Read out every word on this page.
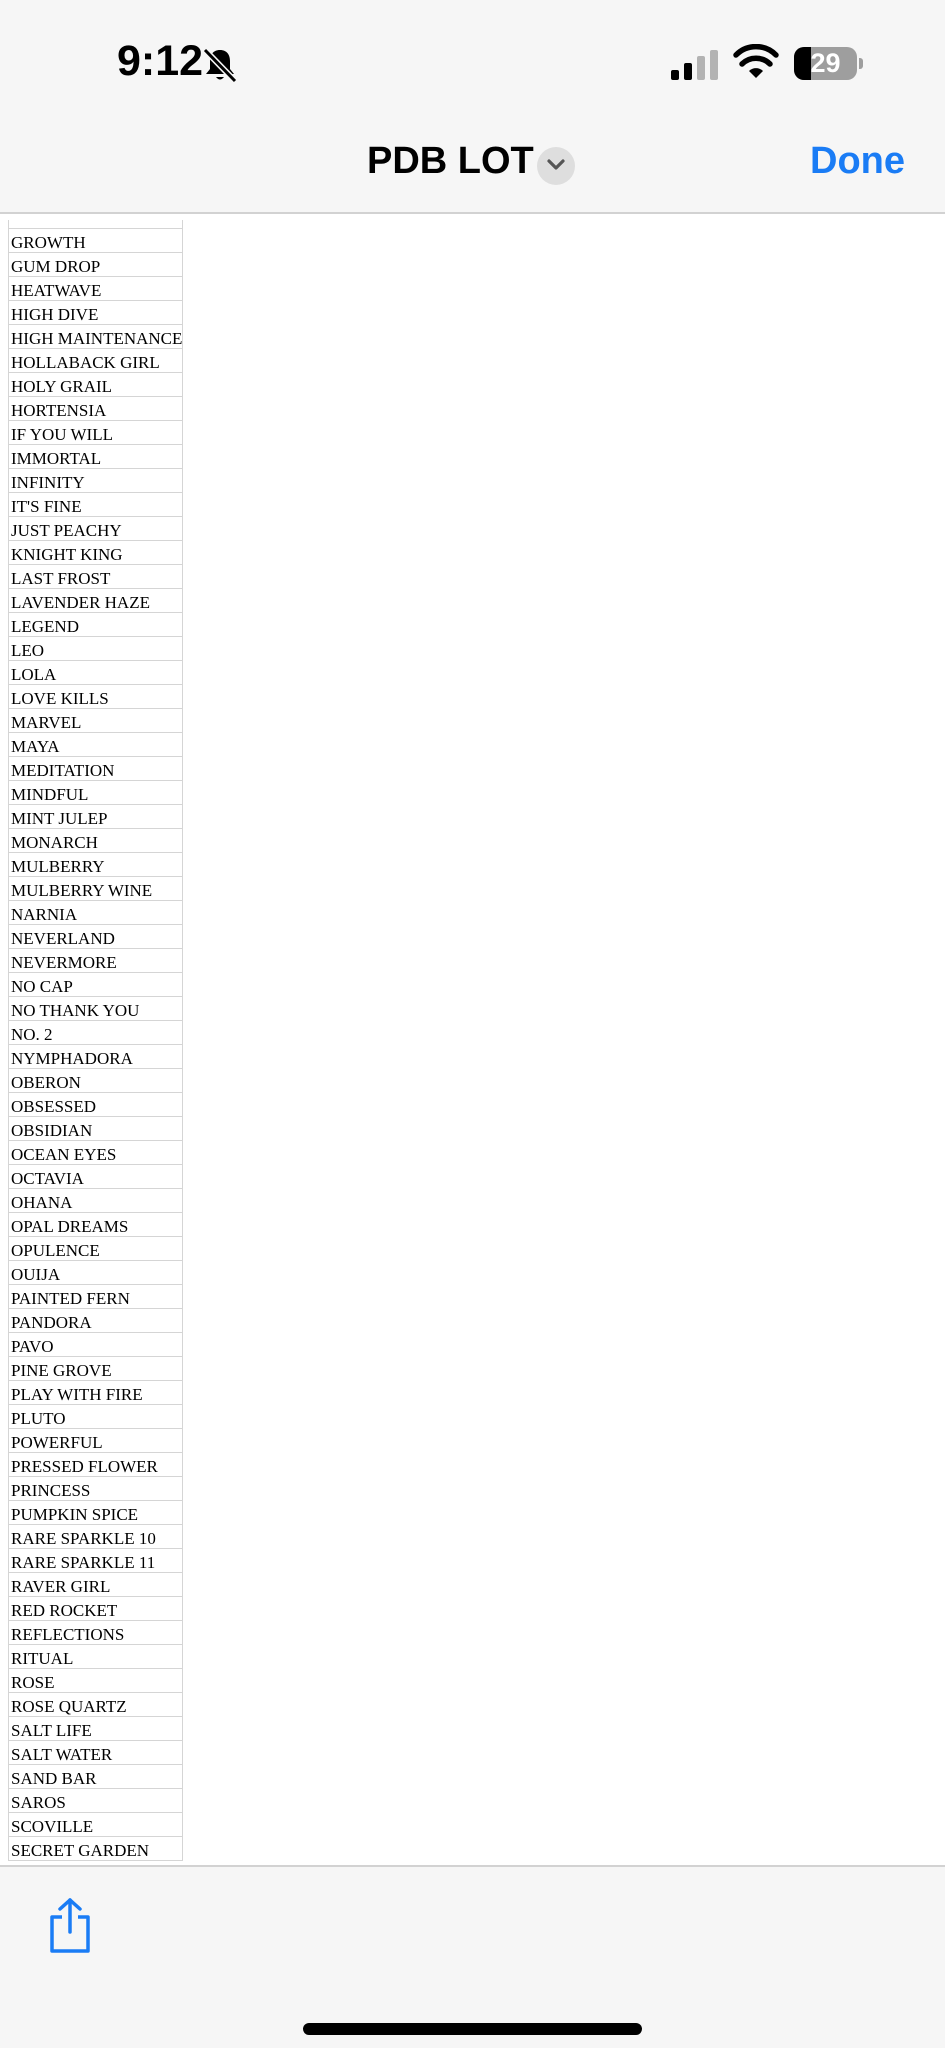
9:12	29
PDB LOT	Done

GROWTH
GUM DROP
HEATWAVE
HIGH DIVE
HIGH MAINTENANCE
HOLLABACK GIRL
HOLY GRAIL
HORTENSIA
IF YOU WILL
IMMORTAL
INFINITY
IT'S FINE
JUST PEACHY
KNIGHT KING
LAST FROST
LAVENDER HAZE
LEGEND
LEO
LOLA
LOVE KILLS
MARVEL
MAYA
MEDITATION
MINDFUL
MINT JULEP
MONARCH
MULBERRY
MULBERRY WINE
NARNIA
NEVERLAND
NEVERMORE
NO CAP
NO THANK YOU
NO. 2
NYMPHADORA
OBERON
OBSESSED
OBSIDIAN
OCEAN EYES
OCTAVIA
OHANA
OPAL DREAMS
OPULENCE
OUIJA
PAINTED FERN
PANDORA
PAVO
PINE GROVE
PLAY WITH FIRE
PLUTO
POWERFUL
PRESSED FLOWER
PRINCESS
PUMPKIN SPICE
RARE SPARKLE 10
RARE SPARKLE 11
RAVER GIRL
RED ROCKET
REFLECTIONS
RITUAL
ROSE
ROSE QUARTZ
SALT LIFE
SALT WATER
SAND BAR
SAROS
SCOVILLE
SECRET GARDEN
